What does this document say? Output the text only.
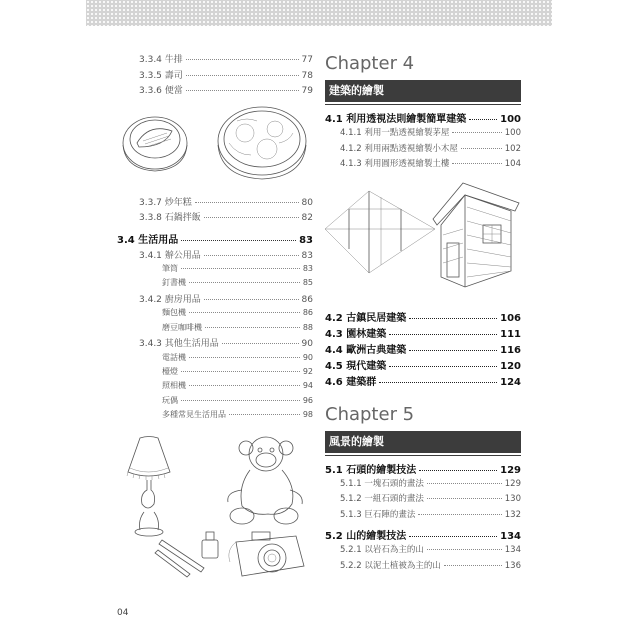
3.3.4 牛排	77
3.3.5 壽司	78
3.3.6 便當	79
3.3.7 炒年糕	80
3.3.8 石鍋拌飯	82
3.4 生活用品	83
3.4.1 辦公用品	83
筆筒	83
釘書機	85
3.4.2 廚房用品	86
麵包機	86
磨豆咖啡機	88
3.4.3 其他生活用品	90
電話機	90
檯燈	92
照相機	94
玩偶	96
多種常見生活用品	98
Chapter 4
建築的繪製
4.1 利用透視法則繪製簡單建築	100
4.1.1 利用一點透視繪製茅屋	100
4.1.2 利用兩點透視繪製小木屋	102
4.1.3 利用圓形透視繪製土樓	104
4.2 古鎮民居建築	106
4.3 園林建築	111
4.4 歐洲古典建築	116
4.5 現代建築	120
4.6 建築群	124
Chapter 5
風景的繪製
5.1 石頭的繪製技法	129
5.1.1 一塊石頭的畫法	129
5.1.2 一組石頭的畫法	130
5.1.3 巨石陣的畫法	132
5.2 山的繪製技法	134
5.2.1 以岩石為主的山	134
5.2.2 以泥土植被為主的山	136
04
